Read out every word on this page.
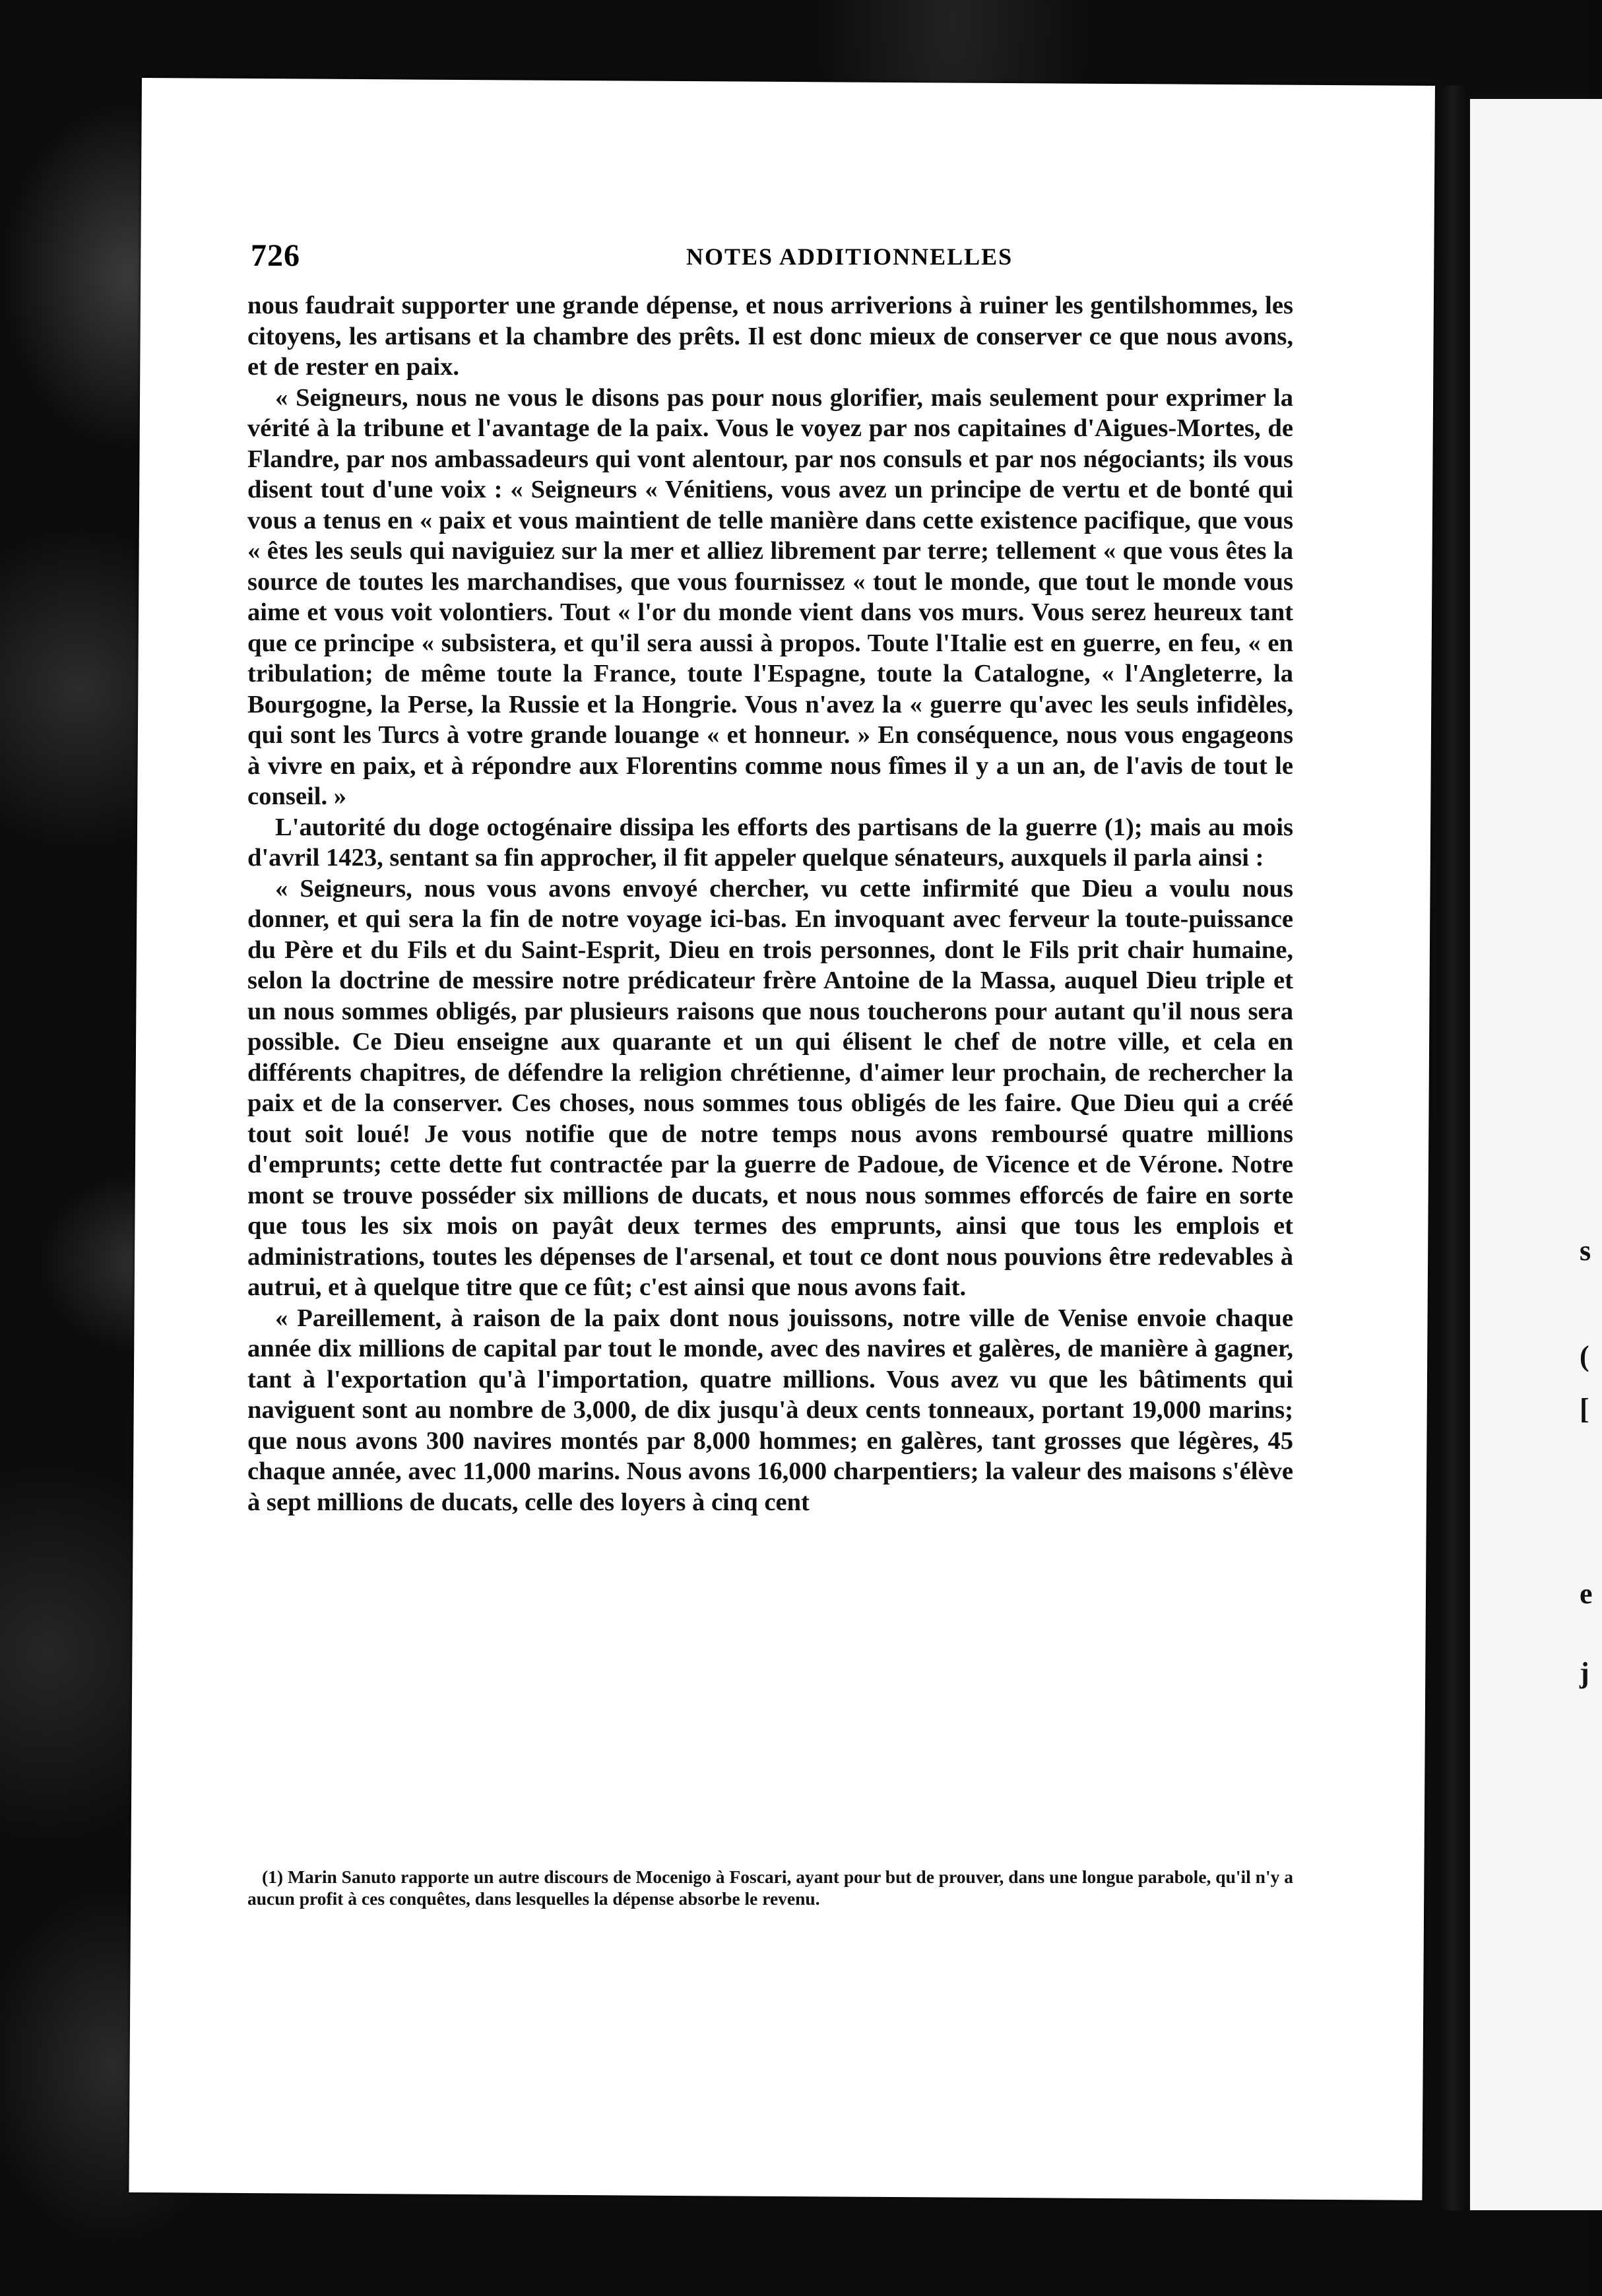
s
(
[
e
j
726	NOTES ADDITIONNELLES

nous faudrait supporter une grande dépense, et nous arriverions à ruiner les gentilshommes, les citoyens, les artisans et la chambre des prêts. Il est donc mieux de conserver ce que nous avons, et de rester en paix.

« Seigneurs, nous ne vous le disons pas pour nous glorifier, mais seulement pour exprimer la vérité à la tribune et l'avantage de la paix. Vous le voyez par nos capitaines d'Aigues-Mortes, de Flandre, par nos ambassadeurs qui vont alentour, par nos consuls et par nos négociants; ils vous disent tout d'une voix : « Seigneurs « Vénitiens, vous avez un principe de vertu et de bonté qui vous a tenus en « paix et vous maintient de telle manière dans cette existence pacifique, que vous « êtes les seuls qui naviguiez sur la mer et alliez librement par terre; tellement « que vous êtes la source de toutes les marchandises, que vous fournissez « tout le monde, que tout le monde vous aime et vous voit volontiers. Tout « l'or du monde vient dans vos murs. Vous serez heureux tant que ce principe « subsistera, et qu'il sera aussi à propos. Toute l'Italie est en guerre, en feu, « en tribulation; de même toute la France, toute l'Espagne, toute la Catalogne, « l'Angleterre, la Bourgogne, la Perse, la Russie et la Hongrie. Vous n'avez la « guerre qu'avec les seuls infidèles, qui sont les Turcs à votre grande louange « et honneur. » En conséquence, nous vous engageons à vivre en paix, et à répondre aux Florentins comme nous fîmes il y a un an, de l'avis de tout le conseil. »

L'autorité du doge octogénaire dissipa les efforts des partisans de la guerre (1); mais au mois d'avril 1423, sentant sa fin approcher, il fit appeler quelque sénateurs, auxquels il parla ainsi :

« Seigneurs, nous vous avons envoyé chercher, vu cette infirmité que Dieu a voulu nous donner, et qui sera la fin de notre voyage ici-bas. En invoquant avec ferveur la toute-puissance du Père et du Fils et du Saint-Esprit, Dieu en trois personnes, dont le Fils prit chair humaine, selon la doctrine de messire notre prédicateur frère Antoine de la Massa, auquel Dieu triple et un nous sommes obligés, par plusieurs raisons que nous toucherons pour autant qu'il nous sera possible. Ce Dieu enseigne aux quarante et un qui élisent le chef de notre ville, et cela en différents chapitres, de défendre la religion chrétienne, d'aimer leur prochain, de rechercher la paix et de la conserver. Ces choses, nous sommes tous obligés de les faire. Que Dieu qui a créé tout soit loué! Je vous notifie que de notre temps nous avons remboursé quatre millions d'emprunts; cette dette fut contractée par la guerre de Padoue, de Vicence et de Vérone. Notre mont se trouve posséder six millions de ducats, et nous nous sommes efforcés de faire en sorte que tous les six mois on payât deux termes des emprunts, ainsi que tous les emplois et administrations, toutes les dépenses de l'arsenal, et tout ce dont nous pouvions être redevables à autrui, et à quelque titre que ce fût; c'est ainsi que nous avons fait.

« Pareillement, à raison de la paix dont nous jouissons, notre ville de Venise envoie chaque année dix millions de capital par tout le monde, avec des navires et galères, de manière à gagner, tant à l'exportation qu'à l'importation, quatre millions. Vous avez vu que les bâtiments qui naviguent sont au nombre de 3,000, de dix jusqu'à deux cents tonneaux, portant 19,000 marins; que nous avons 300 navires montés par 8,000 hommes; en galères, tant grosses que légères, 45 chaque année, avec 11,000 marins. Nous avons 16,000 charpentiers; la valeur des maisons s'élève à sept millions de ducats, celle des loyers à cinq cent

(1) Marin Sanuto rapporte un autre discours de Mocenigo à Foscari, ayant pour but de prouver, dans une longue parabole, qu'il n'y a aucun profit à ces conquêtes, dans lesquelles la dépense absorbe le revenu.
